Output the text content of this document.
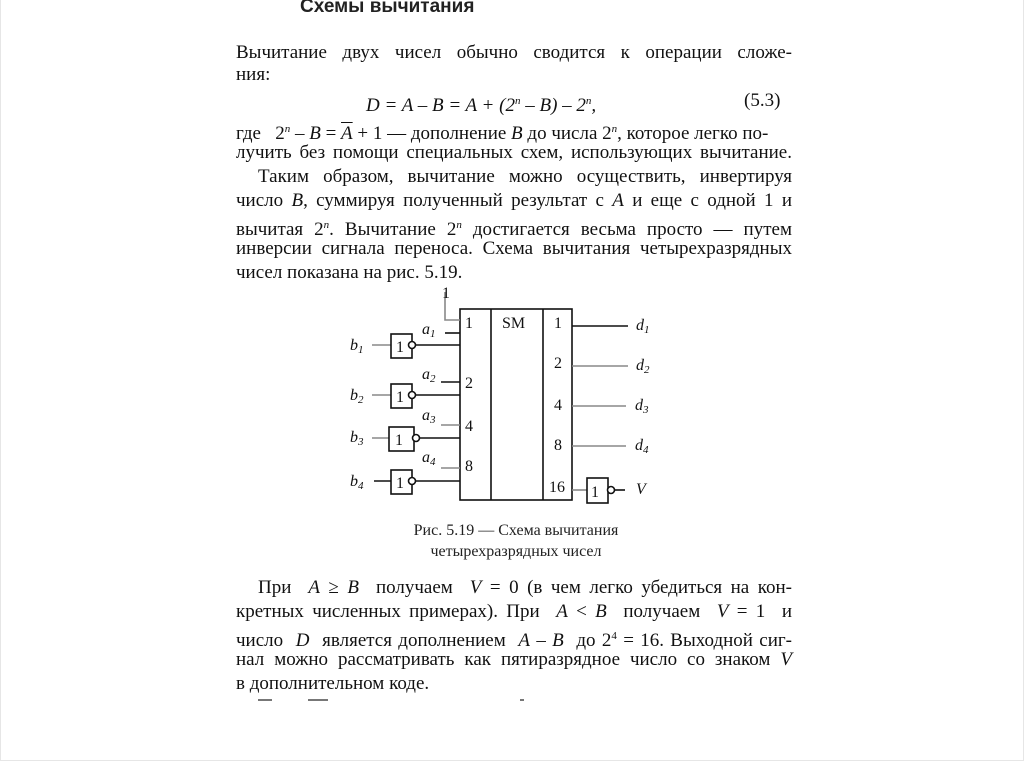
Схемы вычитания
Вычитание двух чисел обычно сводится к операции сложе-
ния:
$D = A - B = A + (2^n - B) - 2^n$,	(5.3)
где   $2^n - B = \overline{A} + 1$ — дополнение B до числа 2$^n$, которое легко по-
лучить без помощи специальных схем, использующих вычитание.
Таким образом, вычитание можно осуществить, инвертируя
число B, суммируя полученный результат с A и еще с одной 1 и
вычитая 2$^n$. Вычитание 2$^n$ достигается весьма просто — путем
инверсии сигнала переноса. Схема вычитания четырехразрядных
чисел показана на рис. 5.19.
1
SM
1
2
4
8
1
2
4
8
16
1
1
1
1
1
a1
a2
a3
a4
b1
b2
b3
b4
d1
d2
d3
d4
V
Рис. 5.19 — Схема вычитания
четырехразрядных чисел
При  A ≥ B  получаем  V = 0 (в чем легко убедиться на кон-
кретных численных примерах). При  A < B  получаем  V = 1  и
число  D  является дополнением  A – B  до $2^4 = 16$. Выходной сиг-
нал можно рассматривать как пятиразрядное число со знаком V
в дополнительном коде.
